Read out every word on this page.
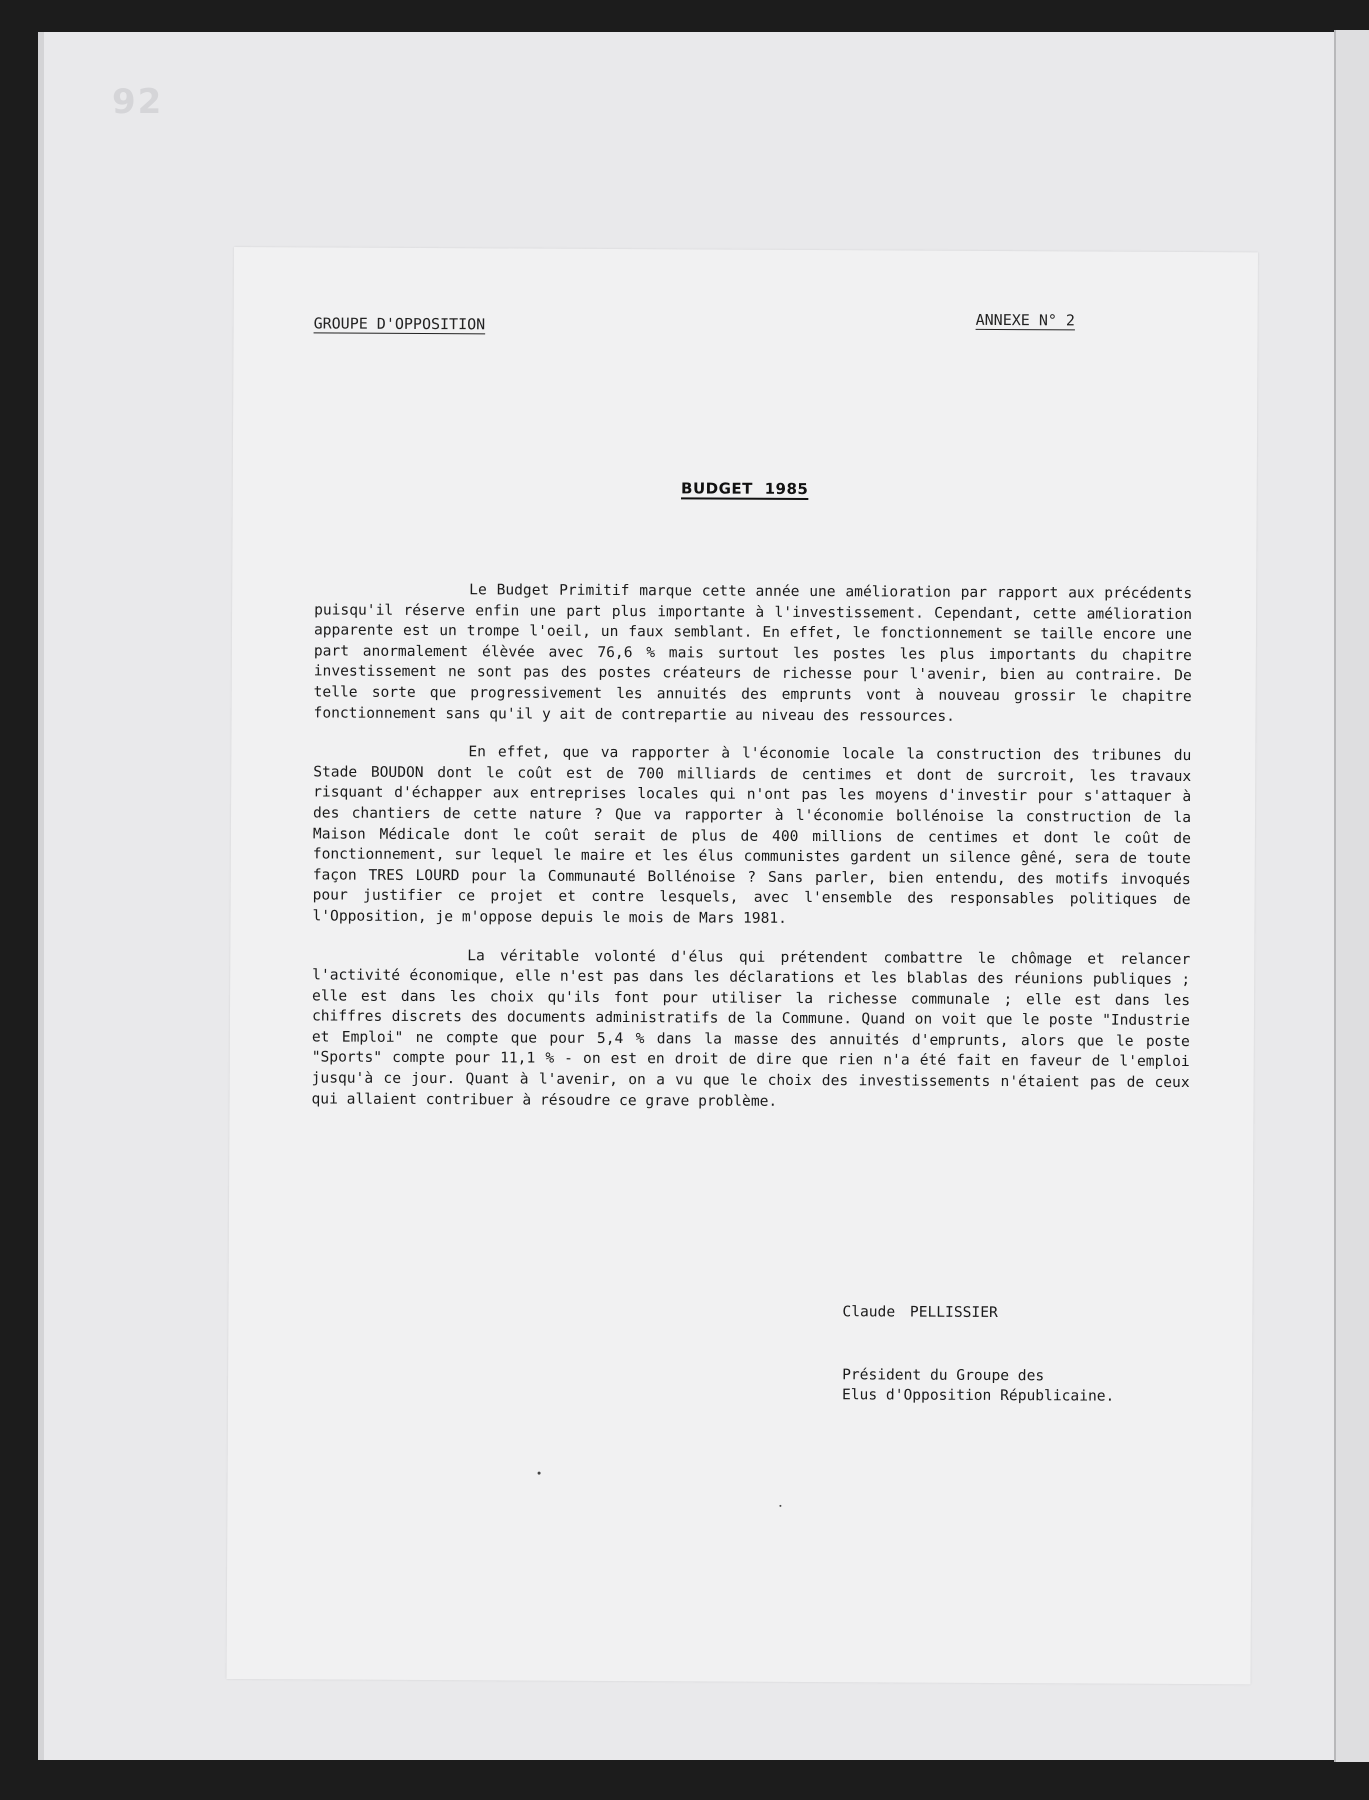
92
GROUPE D'OPPOSITION	ANNEXE N° 2
BUDGET 1985

Le Budget Primitif marque cette année une amélioration par rapport aux précédents puisqu'il réserve enfin une part plus importante à l'investissement. Cependant, cette amélioration apparente est un trompe l'oeil, un faux semblant. En effet, le fonctionnement se taille encore une part anormalement élèvée avec 76,6 % mais surtout les postes les plus importants du chapitre investissement ne sont pas des postes créateurs de richesse pour l'avenir, bien au contraire. De telle sorte que progressivement les annuités des emprunts vont à nouveau grossir le chapitre fonctionnement sans qu'il y ait de contrepartie au niveau des ressources.

En effet, que va rapporter à l'économie locale la construction des tribunes du Stade BOUDON dont le coût est de 700 milliards de centimes et dont de surcroit, les travaux risquant d'échapper aux entreprises locales qui n'ont pas les moyens d'investir pour s'attaquer à des chantiers de cette nature ? Que va rapporter à l'économie bollénoise la construction de la Maison Médicale dont le coût serait de plus de 400 millions de centimes et dont le coût de fonctionnement, sur lequel le maire et les élus communistes gardent un silence gêné, sera de toute façon TRES LOURD pour la Communauté Bollénoise ? Sans parler, bien entendu, des motifs invoqués pour justifier ce projet et contre lesquels, avec l'ensemble des responsables politiques de l'Opposition, je m'oppose depuis le mois de Mars 1981.

La véritable volonté d'élus qui prétendent combattre le chômage et relancer l'activité économique, elle n'est pas dans les déclarations et les blablas des réunions publiques ; elle est dans les choix qu'ils font pour utiliser la richesse communale ; elle est dans les chiffres discrets des documents administratifs de la Commune. Quand on voit que le poste "Industrie et Emploi" ne compte que pour 5,4 % dans la masse des annuités d'emprunts, alors que le poste "Sports" compte pour 11,1 % - on est en droit de dire que rien n'a été fait en faveur de l'emploi jusqu'à ce jour. Quant à l'avenir, on a vu que le choix des investissements n'étaient pas de ceux qui allaient contribuer à résoudre ce grave problème.

Claude PELLISSIER
Président du Groupe des
Elus d'Opposition Républicaine.
